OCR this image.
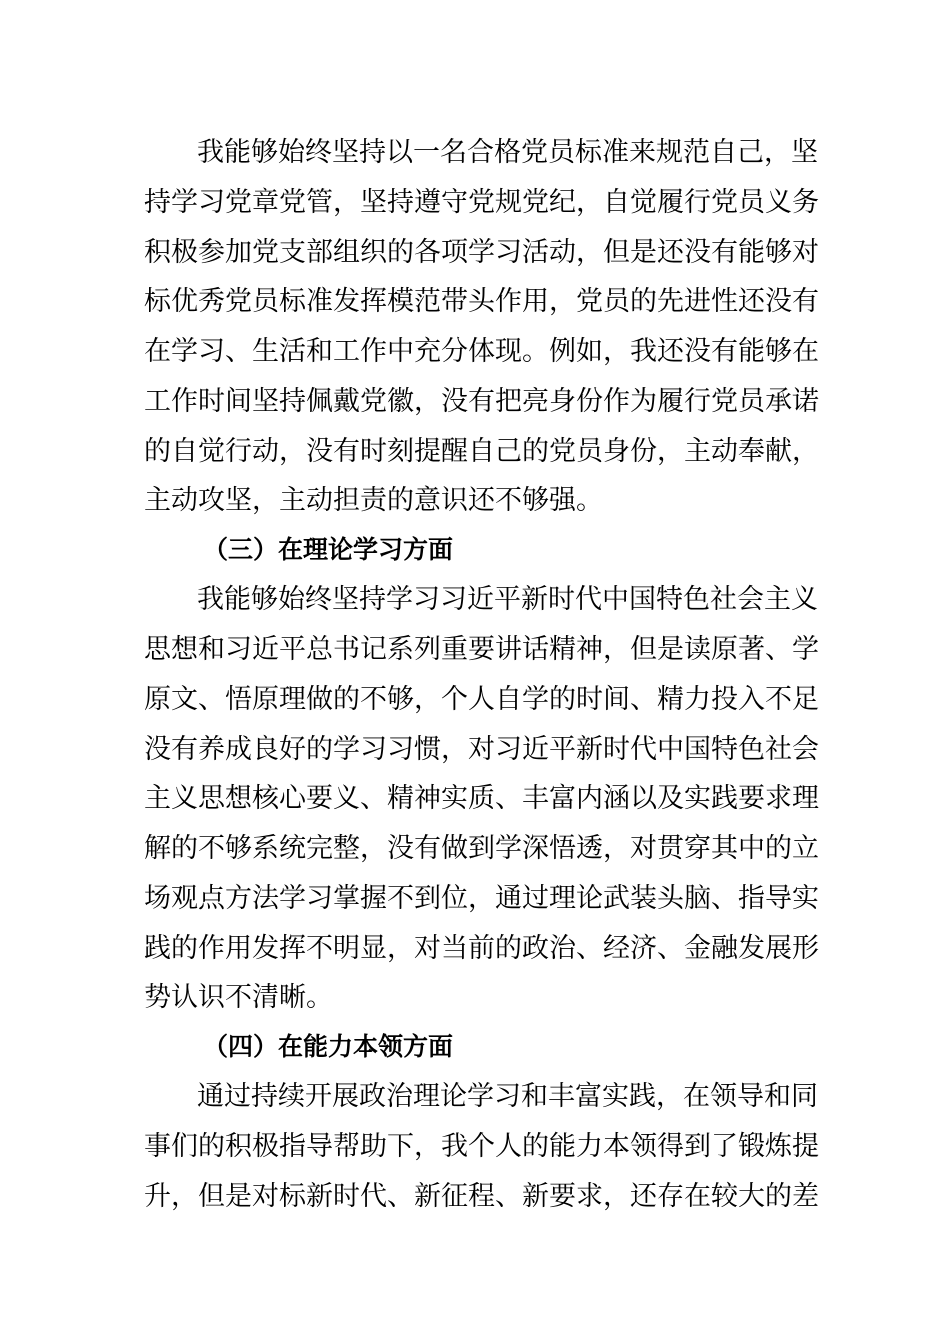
我能够始终坚持以一名合格党员标准来规范自己，坚
持学习党章党管，坚持遵守党规党纪，自觉履行党员义务
积极参加党支部组织的各项学习活动，但是还没有能够对
标优秀党员标准发挥模范带头作用，党员的先进性还没有
在学习、生活和工作中充分体现。例如，我还没有能够在
工作时间坚持佩戴党徽，没有把亮身份作为履行党员承诺
的自觉行动，没有时刻提醒自己的党员身份，主动奉献，
主动攻坚，主动担责的意识还不够强。
（三）在理论学习方面
我能够始终坚持学习习近平新时代中国特色社会主义
思想和习近平总书记系列重要讲话精神，但是读原著、学
原文、悟原理做的不够，个人自学的时间、精力投入不足
没有养成良好的学习习惯，对习近平新时代中国特色社会
主义思想核心要义、精神实质、丰富内涵以及实践要求理
解的不够系统完整，没有做到学深悟透，对贯穿其中的立
场观点方法学习掌握不到位，通过理论武装头脑、指导实
践的作用发挥不明显，对当前的政治、经济、金融发展形
势认识不清晰。
（四）在能力本领方面
通过持续开展政治理论学习和丰富实践，在领导和同
事们的积极指导帮助下，我个人的能力本领得到了锻炼提
升，但是对标新时代、新征程、新要求，还存在较大的差
